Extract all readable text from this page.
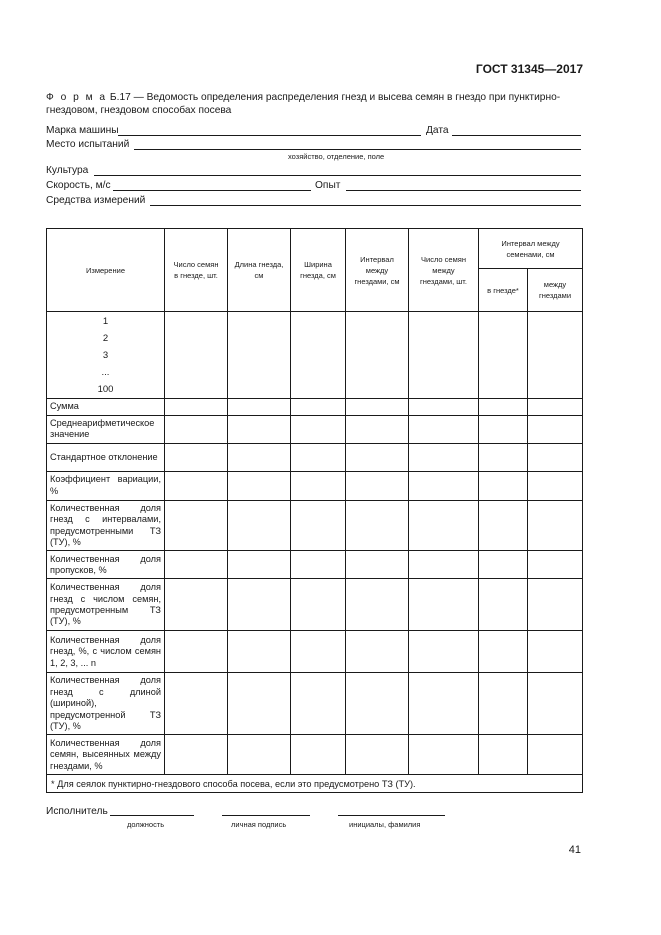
ГОСТ 31345—2017
Ф о р м а Б.17 — Ведомость определения распределения гнезд и высева семян в гнездо при пунктирно-гнездовом, гнездовом способах посева
Марка машины	Дата
Место испытаний
хозяйство, отделение, поле
Культура
Скорость, м/с	Опыт
Средства измерений
Измерение	Число семян в гнезде, шт.	Длина гнезда, см	Ширина гнезда, см	Интервал между гнездами, см	Число семян между гнездами, шт.	Интервал между семенами, см	
						в гнезде*	между гнездами

1
2
3
...
100							

Сумма							
Среднеарифметическое значение							
Стандартное отклонение							
Коэффициент вариации, %							
Количественная доля гнезд с интервалами, предусмотренными ТЗ (ТУ), %							
Количественная доля пропусков, %							
Количественная доля гнезд с числом семян, предусмотренным ТЗ (ТУ), %							
Количественная доля гнезд, %, с числом семян 1, 2, 3, ... n							
Количественная доля гнезд с длиной (шириной), предусмотренной ТЗ (ТУ), %							
Количественная доля семян, высеянных между гнездами, %							
* Для сеялок пунктирно-гнездового способа посева, если это предусмотрено ТЗ (ТУ).							
Исполнитель
должность	личная подпись	инициалы, фамилия
41
